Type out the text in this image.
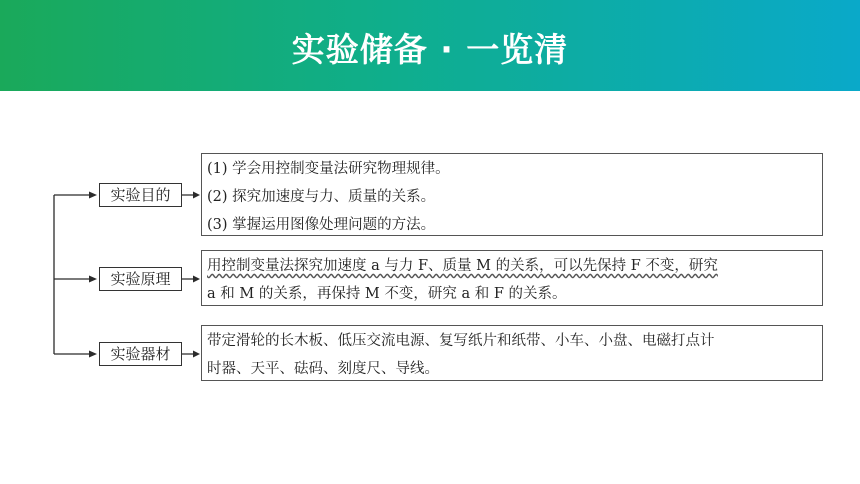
实验储备 · 一览清
实验目的
(1) 学会用控制变量法研究物理规律。
(2) 探究加速度与力、质量的关系。
(3) 掌握运用图像处理问题的方法。
实验原理
用控制变量法探究加速度 a 与力 F、质量 M 的关系，可以先保持 F 不变，研究
a 和 M 的关系，再保持 M 不变，研究 a 和 F 的关系。
实验器材
带定滑轮的长木板、低压交流电源、复写纸片和纸带、小车、小盘、电磁打点计
时器、天平、砝码、刻度尺、导线。
